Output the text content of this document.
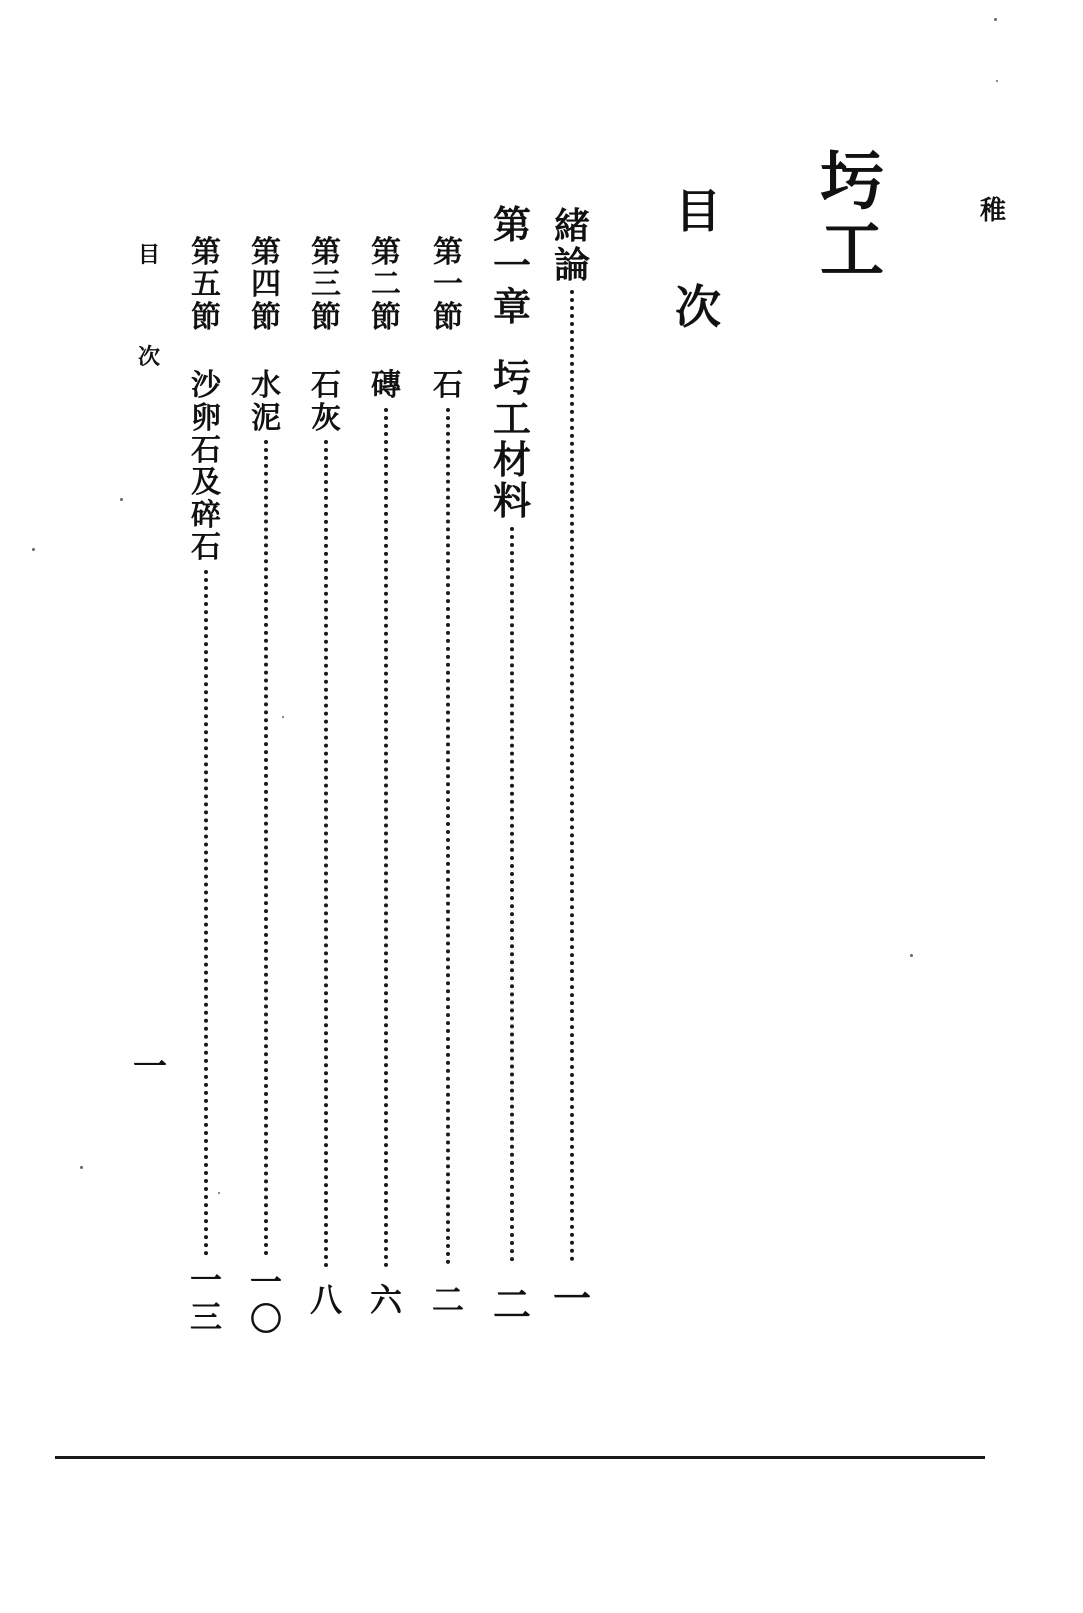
圬
工
目
次
稚
緒
論
第
一
章
圬
工
材
料
第
一
節
石
第
二
節
磚
第
三
節
石
灰
第
四
節
水
泥
第
五
節
沙
卵
石
及
碎
石
目
次
一
一
二
二
六
八
一
〇
一
三
